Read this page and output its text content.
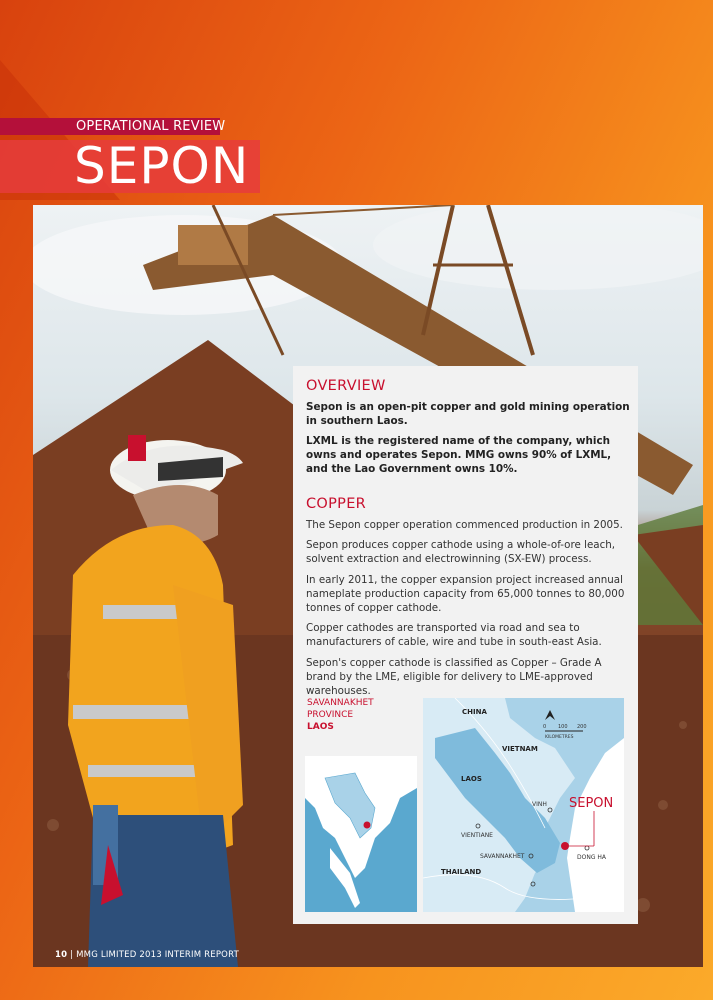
OPERATIONAL REVIEW
SEPON
OVERVIEW
Sepon is an open-pit copper and gold mining operation in southern Laos.
LXML is the registered name of the company, which owns and operates Sepon. MMG owns 90% of LXML, and the Lao Government owns 10%.
COPPER
The Sepon copper operation commenced production in 2005.
Sepon produces copper cathode using a whole-of-ore leach, solvent extraction and electrowinning (SX-EW) process.
In early 2011, the copper expansion project increased annual nameplate production capacity from 65,000 tonnes to 80,000 tonnes of copper cathode.
Copper cathodes are transported via road and sea to manufacturers of cable, wire and tube in south-east Asia.
Sepon's copper cathode is classified as Copper – Grade A brand by the LME, eligible for delivery to LME-approved warehouses.
0 100 200
KILOMETRES
SAVANNAKHET
PROVINCE
LAOS
CHINA
VIETNAM
LAOS
THAILAND
VINH
VIENTIANE
SAVANNAKHET	DONG HA
SEPON
10 | MMG LIMITED 2013 INTERIM REPORT
